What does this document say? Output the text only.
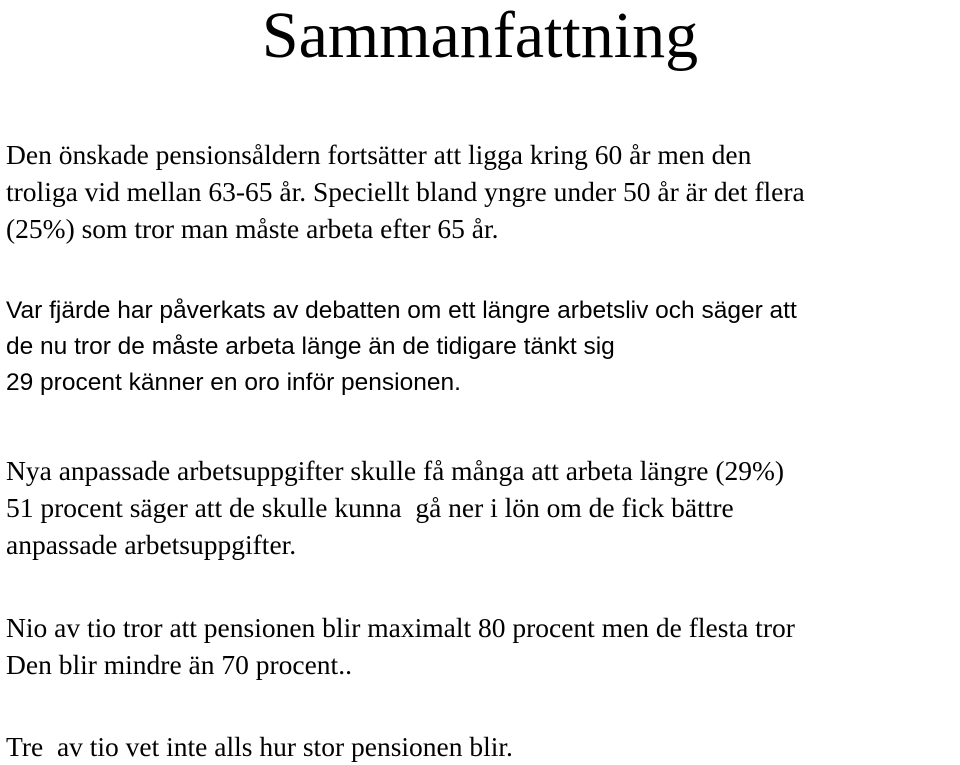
Sammanfattning

Den önskade pensionsåldern fortsätter att ligga kring 60 år men den
troliga vid mellan 63-65 år. Speciellt bland yngre under 50 år är det flera
(25%) som tror man måste arbeta efter 65 år.

Var fjärde har påverkats av debatten om ett längre arbetsliv och säger att
de nu tror de måste arbeta länge än de tidigare tänkt sig
29 procent känner en oro inför pensionen.

Nya anpassade arbetsuppgifter skulle få många att arbeta längre (29%)
51 procent säger att de skulle kunna  gå ner i lön om de fick bättre
anpassade arbetsuppgifter.

Nio av tio tror att pensionen blir maximalt 80 procent men de flesta tror
Den blir mindre än 70 procent..

Tre  av tio vet inte alls hur stor pensionen blir.
